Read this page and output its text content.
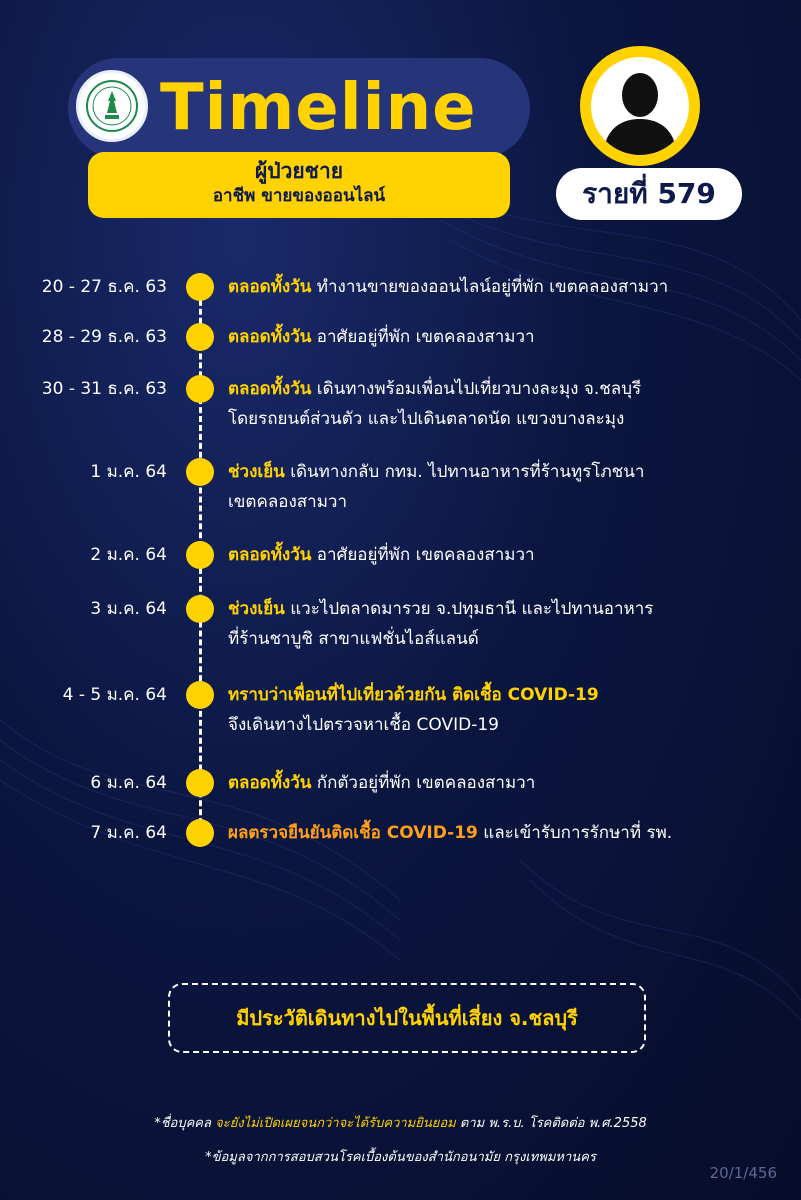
Timeline
ผู้ป่วยชาย
อาชีพ ขายของออนไลน์	รายที่ 579
20 - 27 ธ.ค. 63	ตลอดทั้งวัน ทำงานขายของออนไลน์อยู่ที่พัก เขตคลองสามวา
28 - 29 ธ.ค. 63	ตลอดทั้งวัน อาศัยอยู่ที่พัก เขตคลองสามวา
30 - 31 ธ.ค. 63	ตลอดทั้งวัน เดินทางพร้อมเพื่อนไปเที่ยวบางละมุง จ.ชลบุรี
โดยรถยนต์ส่วนตัว และไปเดินตลาดนัด แขวงบางละมุง
1 ม.ค. 64	ช่วงเย็น เดินทางกลับ กทม. ไปทานอาหารที่ร้านทูรโภชนา
เขตคลองสามวา
2 ม.ค. 64	ตลอดทั้งวัน อาศัยอยู่ที่พัก เขตคลองสามวา
3 ม.ค. 64	ช่วงเย็น แวะไปตลาดมารวย จ.ปทุมธานี และไปทานอาหาร
ที่ร้านชาบูชิ สาขาแฟชั่นไอส์แลนด์
4 - 5 ม.ค. 64	ทราบว่าเพื่อนที่ไปเที่ยวด้วยกัน ติดเชื้อ COVID-19
จึงเดินทางไปตรวจหาเชื้อ COVID-19
6 ม.ค. 64	ตลอดทั้งวัน กักตัวอยู่ที่พัก เขตคลองสามวา
7 ม.ค. 64	ผลตรวจยืนยันติดเชื้อ COVID-19 และเข้ารับการรักษาที่ รพ.
มีประวัติเดินทางไปในพื้นที่เสี่ยง จ.ชลบุรี
*ชื่อบุคคล จะยังไม่เปิดเผยจนกว่าจะได้รับความยินยอม ตาม พ.ร.บ. โรคติดต่อ พ.ศ.2558
*ข้อมูลจากการสอบสวนโรคเบื้องต้นของสำนักอนามัย กรุงเทพมหานคร
20/1/456
